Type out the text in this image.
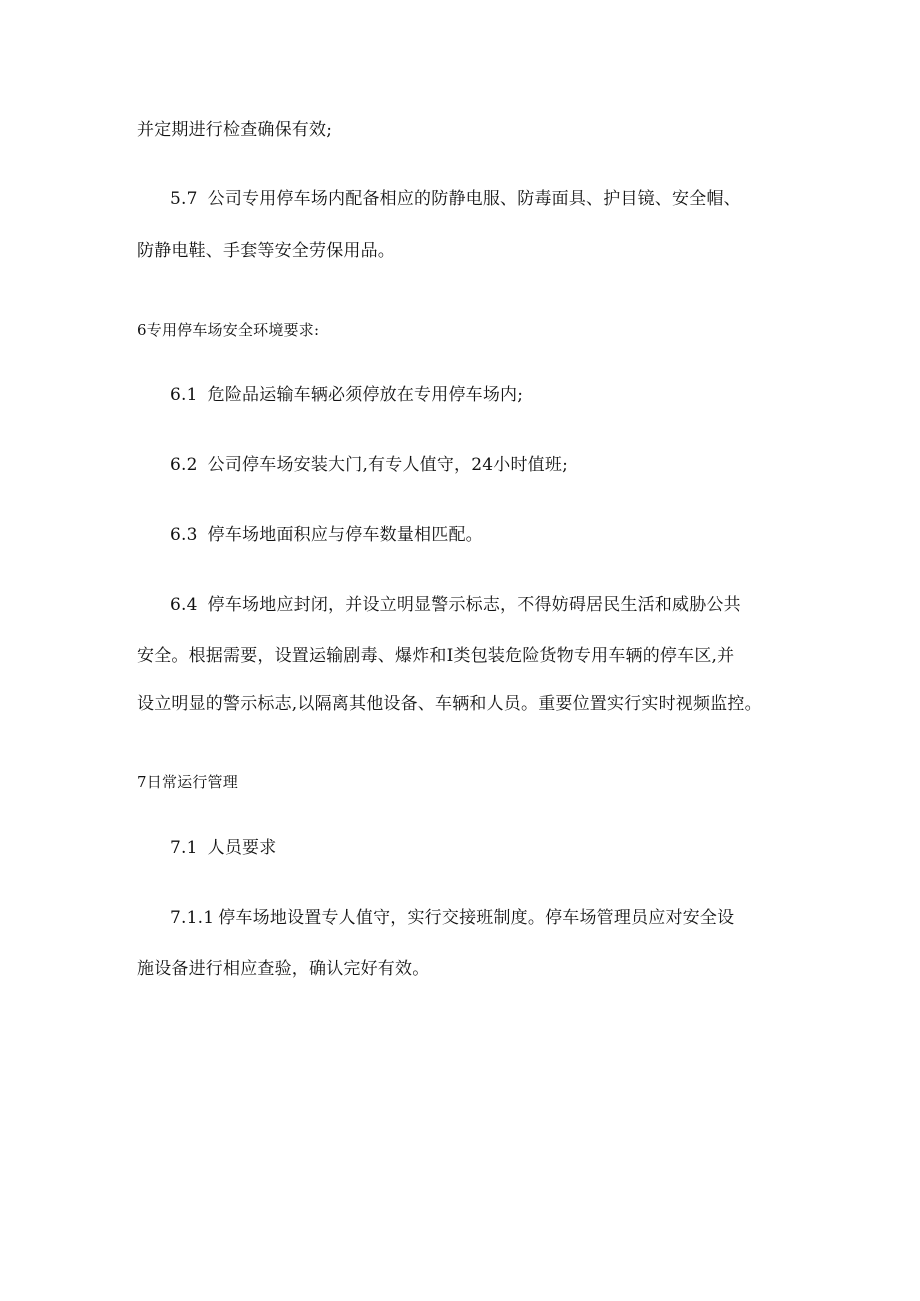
并定期进行检查确保有效;
5.7 公司专用停车场内配备相应的防静电服、防毒面具、护目镜、安全帽、
防静电鞋、手套等安全劳保用品。
6专用停车场安全环境要求:
6.1 危险品运输车辆必须停放在专用停车场内;
6.2 公司停车场安装大门,有专人值守，24小时值班;
6.3 停车场地面积应与停车数量相匹配。
6.4 停车场地应封闭，并设立明显警示标志，不得妨碍居民生活和威胁公共
安全。根据需要，设置运输剧毒、爆炸和I类包装危险货物专用车辆的停车区,并
设立明显的警示标志,以隔离其他设备、车辆和人员。重要位置实行实时视频监控。
7日常运行管理
7.1 人员要求
7.1.1 停车场地设置专人值守，实行交接班制度。停车场管理员应对安全设
施设备进行相应查验，确认完好有效。
